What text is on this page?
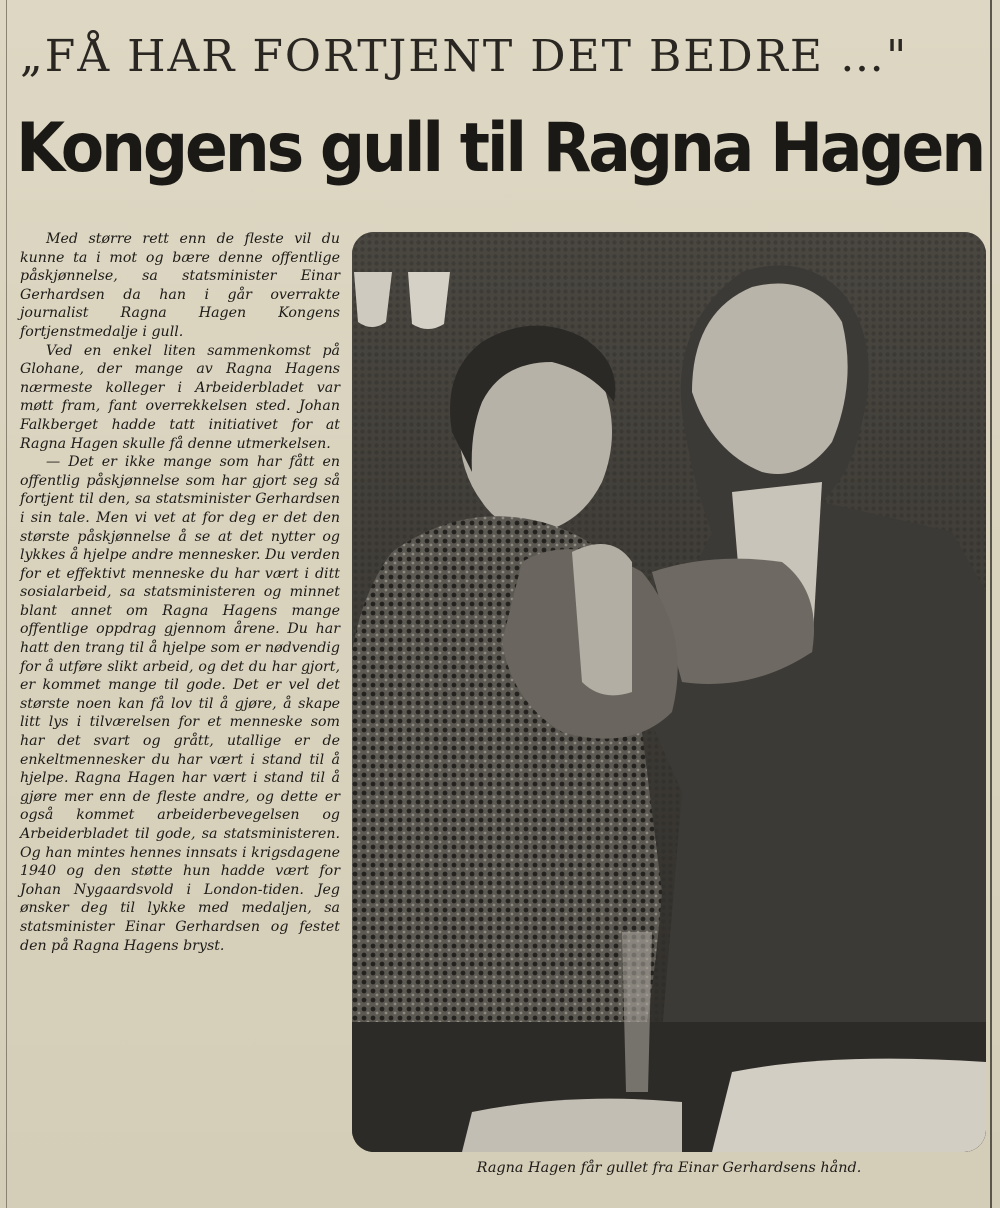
„FÅ HAR FORTJENT DET BEDRE …"
Kongens gull til Ragna Hagen

Med større rett enn de fleste vil du kunne ta i mot og bære denne offentlige påskjønnelse, sa statsminister Einar Gerhardsen da han i går overrakte journalist Ragna Hagen Kongens fortjenstmedalje i gull.

Ved en enkel liten sammenkomst på Glohane, der mange av Ragna Hagens nærmeste kolleger i Arbeiderbladet var møtt fram, fant overrekkelsen sted. Johan Falkberget hadde tatt initiativet for at Ragna Hagen skulle få denne utmerkelsen.

— Det er ikke mange som har fått en offentlig påskjønnelse som har gjort seg så fortjent til den, sa statsminister Gerhardsen i sin tale. Men vi vet at for deg er det den største påskjønnelse å se at det nytter og lykkes å hjelpe andre mennesker. Du verden for et effektivt menneske du har vært i ditt sosialarbeid, sa statsministeren og minnet blant annet om Ragna Hagens mange offentlige oppdrag gjennom årene. Du har hatt den trang til å hjelpe som er nødvendig for å utføre slikt arbeid, og det du har gjort, er kommet mange til gode. Det er vel det største noen kan få lov til å gjøre, å skape litt lys i tilværelsen for et menneske som har det svart og grått, utallige er de enkeltmennesker du har vært i stand til å hjelpe. Ragna Hagen har vært i stand til å gjøre mer enn de fleste andre, og dette er også kommet arbeiderbevegelsen og Arbeiderbladet til gode, sa statsministeren. Og han mintes hennes innsats i krigsdagene 1940 og den støtte hun hadde vært for Johan Nygaardsvold i London-tiden. Jeg ønsker deg til lykke med medaljen, sa statsminister Einar Gerhardsen og festet den på Ragna Hagens bryst.

Ragna Hagen får gullet fra Einar Gerhardsens hånd.
